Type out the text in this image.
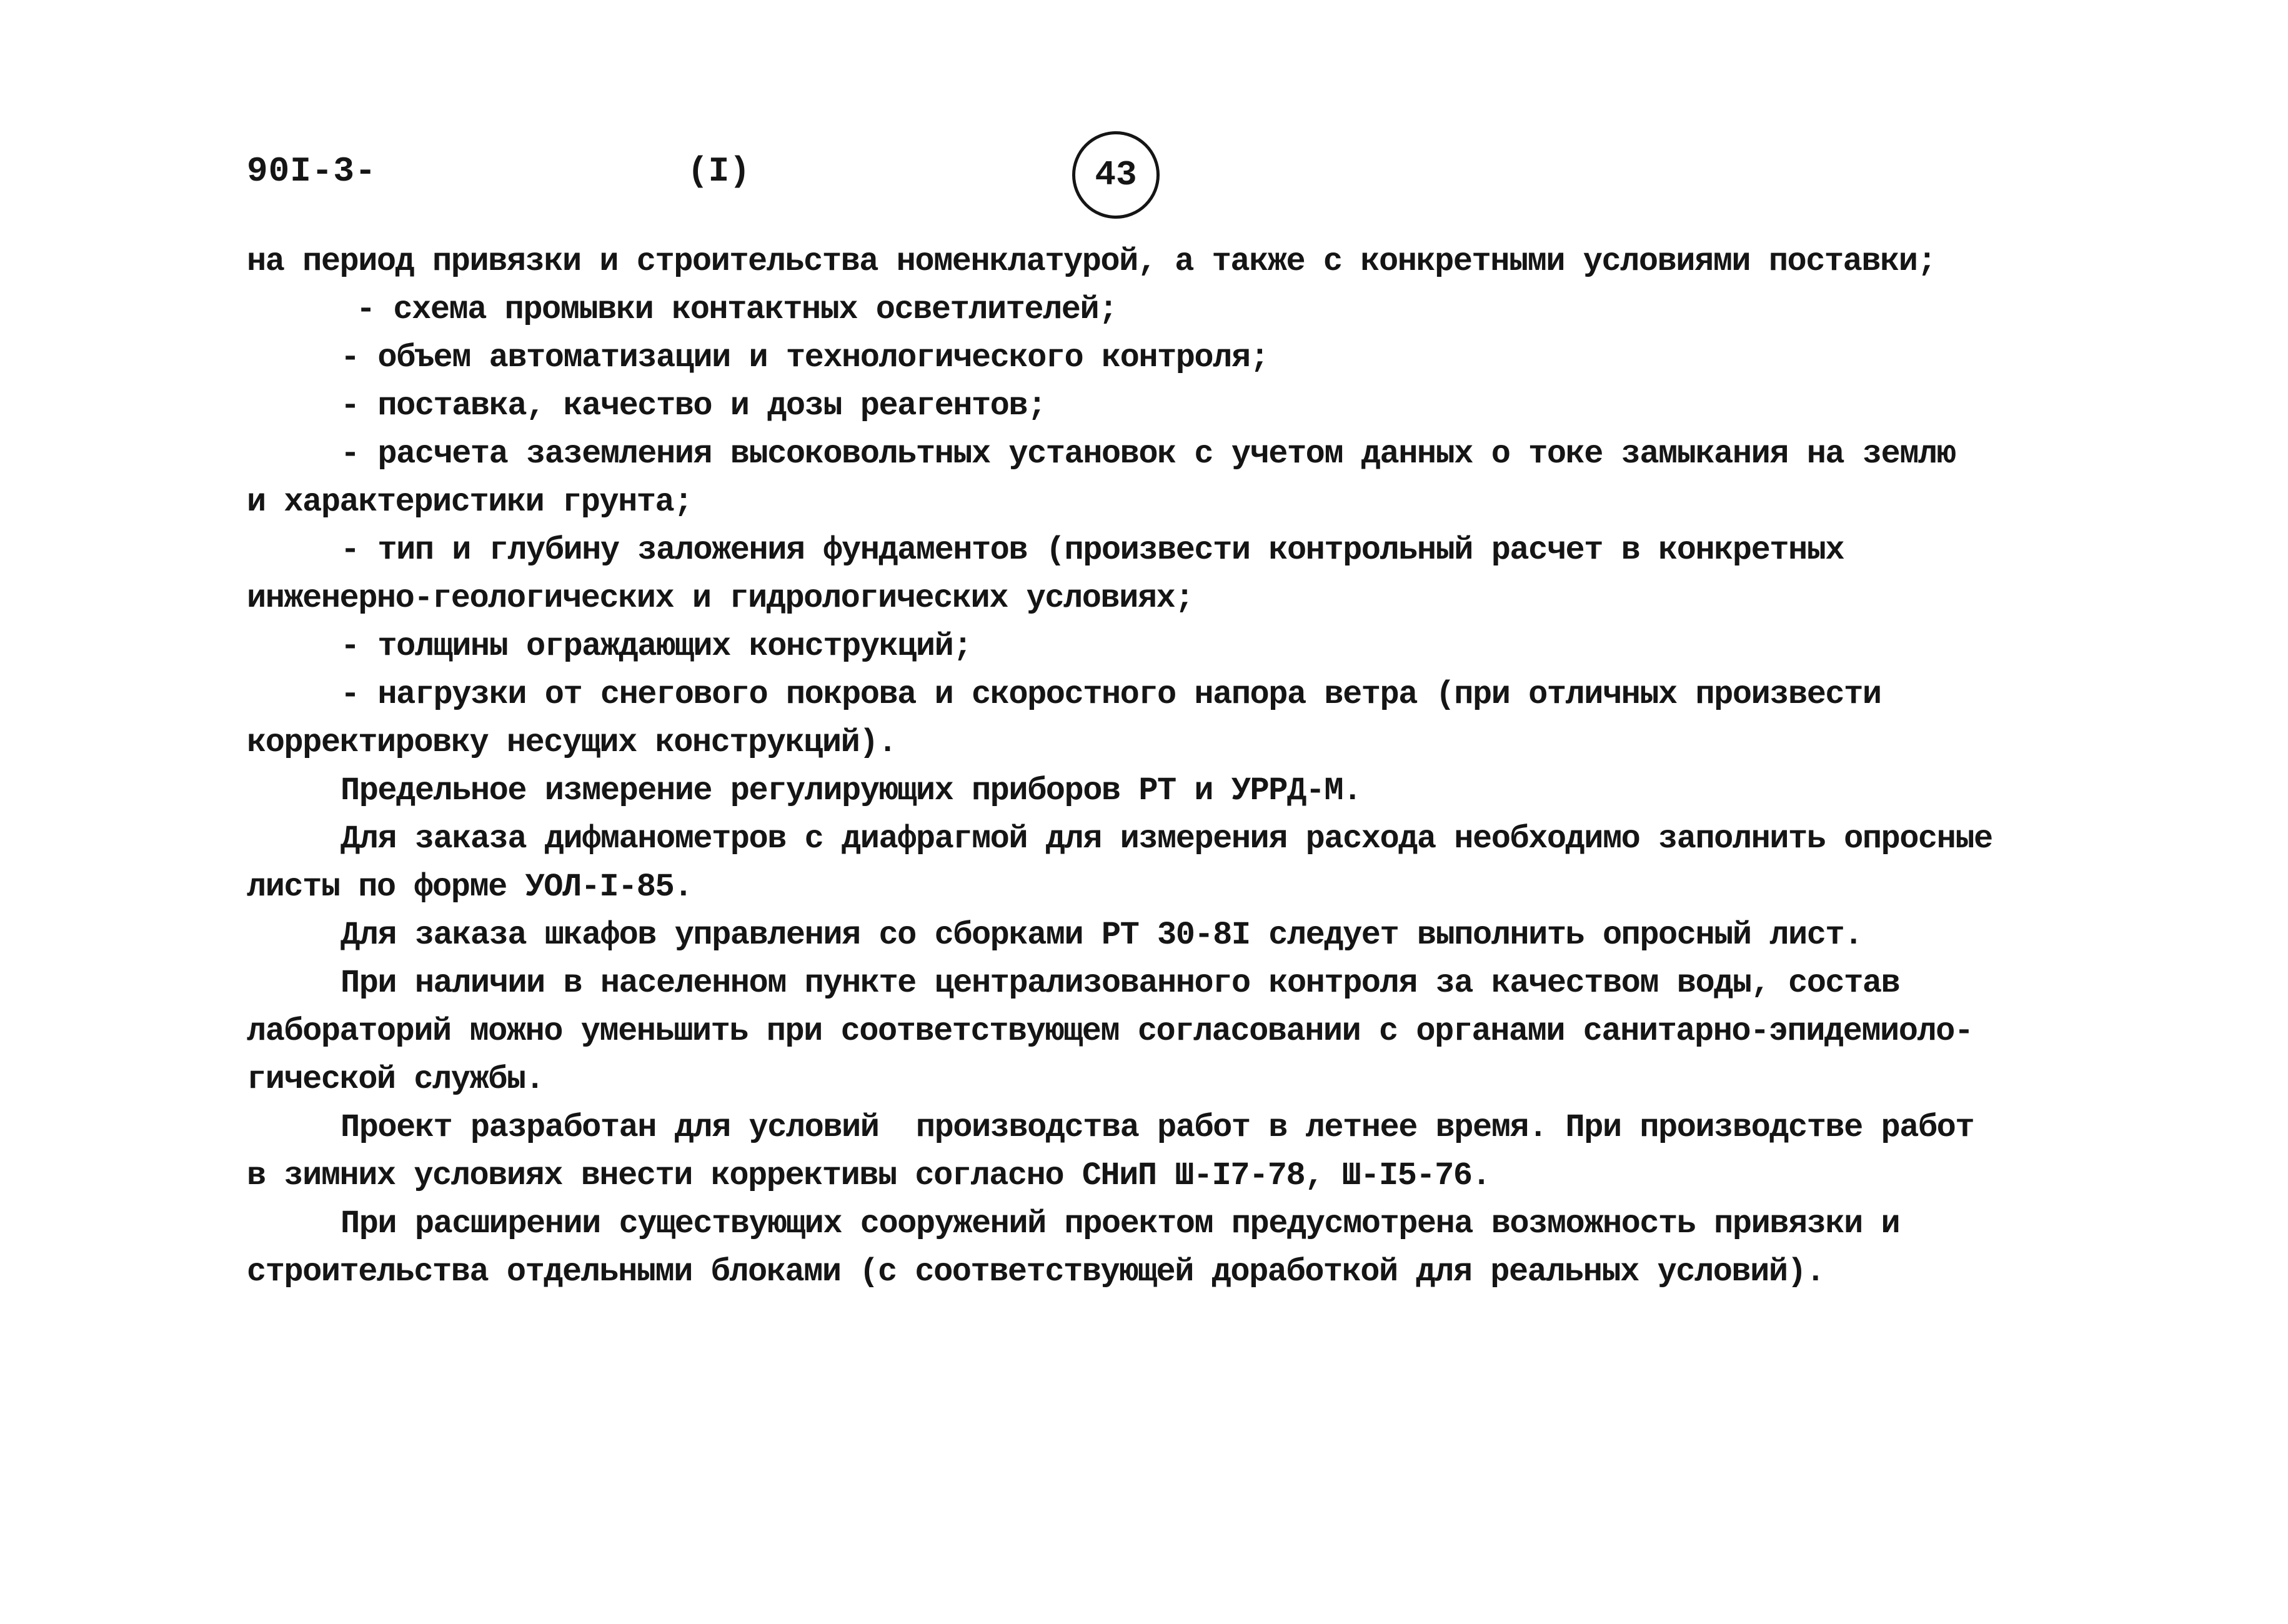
90I-3-	(I)	43
на период привязки и строительства номенклатурой, а также с конкретными условиями поставки;
- схема промывки контактных осветлителей;
- объем автоматизации и технологического контроля;
- поставка, качество и дозы реагентов;
- расчета заземления высоковольтных установок с учетом данных о токе замыкания на землю
и характеристики грунта;
- тип и глубину заложения фундаментов (произвести контрольный расчет в конкретных
инженерно-геологических и гидрологических условиях;
- толщины ограждающих конструкций;
- нагрузки от снегового покрова и скоростного напора ветра (при отличных произвести
корректировку несущих конструкций).
Предельное измерение регулирующих приборов РТ и УРРД-М.
Для заказа дифманометров с диафрагмой для измерения расхода необходимо заполнить опросные
листы по форме УОЛ-I-85.
Для заказа шкафов управления со сборками РТ 30-8I следует выполнить опросный лист.
При наличии в населенном пункте централизованного контроля за качеством воды, состав
лабораторий можно уменьшить при соответствующем согласовании с органами санитарно-эпидемиоло-
гической службы.
Проект разработан для условий  производства работ в летнее время. При производстве работ
в зимних условиях внести коррективы согласно СНиП Ш-I7-78, Ш-I5-76.
При расширении существующих сооружений проектом предусмотрена возможность привязки и
строительства отдельными блоками (с соответствующей доработкой для реальных условий).
